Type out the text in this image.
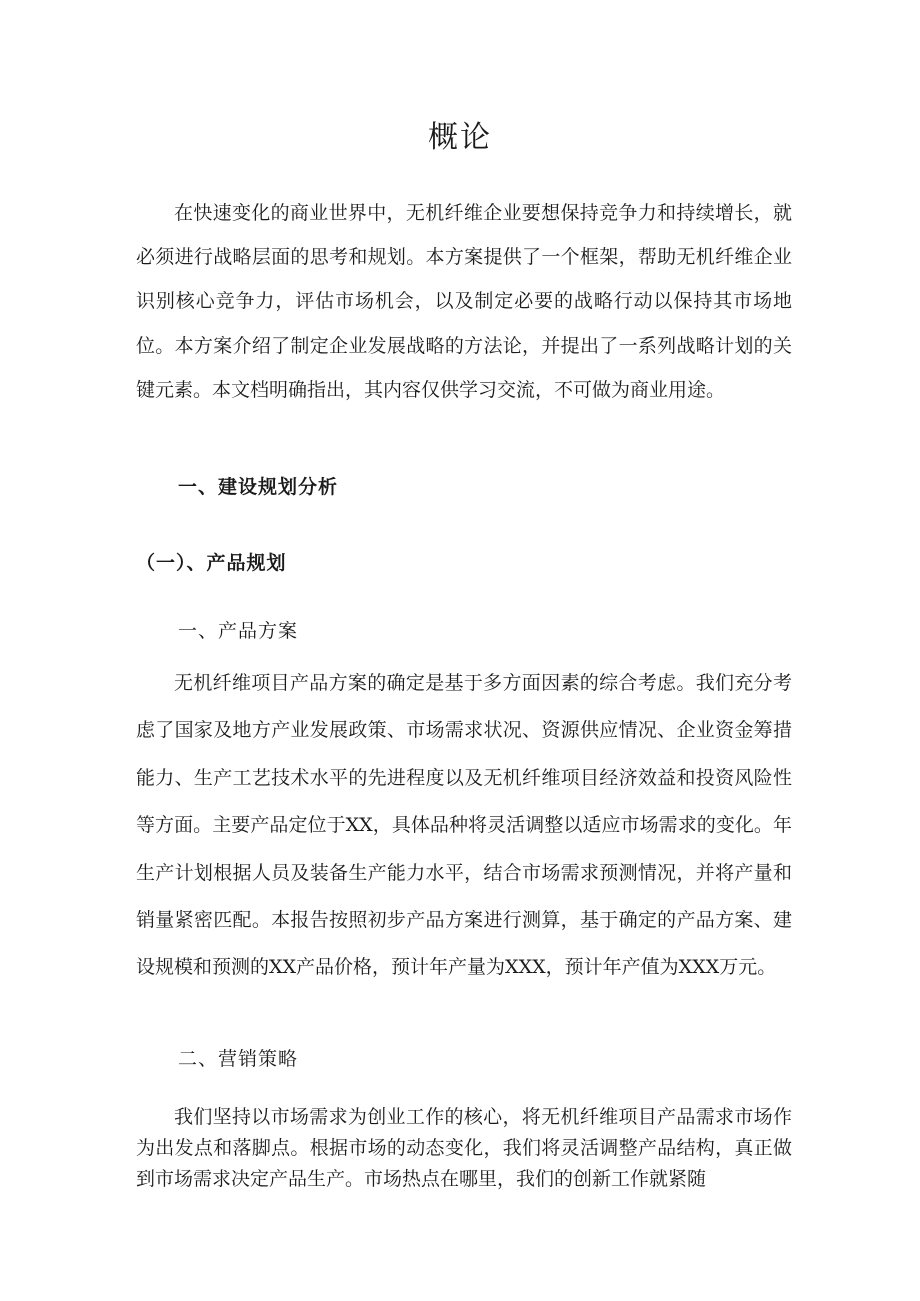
概论

在快速变化的商业世界中，无机纤维企业要想保持竞争力和持续增长，就必须进行战略层面的思考和规划。本方案提供了一个框架，帮助无机纤维企业识别核心竞争力，评估市场机会，以及制定必要的战略行动以保持其市场地位。本方案介绍了制定企业发展战略的方法论，并提出了一系列战略计划的关键元素。本文档明确指出，其内容仅供学习交流，不可做为商业用途。

一、建设规划分析
（一）、产品规划
一、产品方案

无机纤维项目产品方案的确定是基于多方面因素的综合考虑。我们充分考虑了国家及地方产业发展政策、市场需求状况、资源供应情况、企业资金筹措能力、生产工艺技术水平的先进程度以及无机纤维项目经济效益和投资风险性等方面。主要产品定位于XX，具体品种将灵活调整以适应市场需求的变化。年生产计划根据人员及装备生产能力水平，结合市场需求预测情况，并将产量和销量紧密匹配。本报告按照初步产品方案进行测算，基于确定的产品方案、建设规模和预测的XX产品价格，预计年产量为XXX，预计年产值为XXX万元。

二、营销策略

我们坚持以市场需求为创业工作的核心，将无机纤维项目产品需求市场作为出发点和落脚点。根据市场的动态变化，我们将灵活调整产品结构，真正做到市场需求决定产品生产。市场热点在哪里，我们的创新工作就紧随
